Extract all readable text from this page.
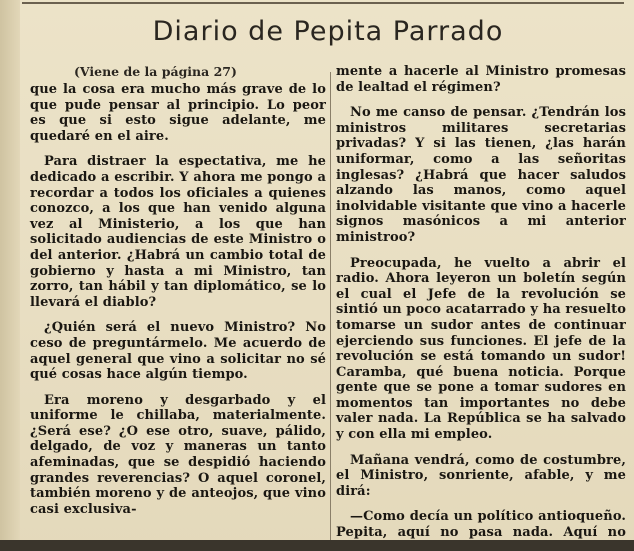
Diario de Pepita Parrado
(Viene de la página 27)

que la cosa era mucho más grave de lo que pude pensar al principio. Lo peor es que si esto sigue adelante, me quedaré en el aire.

Para distraer la espectativa, me he dedicado a escribir. Y ahora me pongo a recordar a todos los oficiales a quienes conozco, a los que han venido alguna vez al Ministerio, a los que han solicitado audiencias de este Ministro o del anterior. ¿Habrá un cambio total de gobierno y hasta a mi Ministro, tan zorro, tan hábil y tan diplomático, se lo llevará el diablo?

¿Quién será el nuevo Ministro? No ceso de preguntármelo. Me acuerdo de aquel general que vino a solicitar no sé qué cosas hace algún tiempo.

Era moreno y desgarbado y el uniforme le chillaba, materialmente. ¿Será ese? ¿O ese otro, suave, pálido, delgado, de voz y maneras un tanto afeminadas, que se despidió haciendo grandes reverencias? O aquel coronel, también moreno y de anteojos, que vino casi exclusiva-

mente a hacerle al Ministro promesas de lealtad el régimen?

No me canso de pensar. ¿Tendrán los ministros militares secretarias privadas? Y si las tienen, ¿las harán uniformar, como a las señoritas inglesas? ¿Habrá que hacer saludos alzando las manos, como aquel inolvidable visitante que vino a hacerle signos masónicos a mi anterior ministroo?

Preocupada, he vuelto a abrir el radio. Ahora leyeron un boletín según el cual el Jefe de la revolución se sintió un poco acatarrado y ha resuelto tomarse un sudor antes de continuar ejerciendo sus funciones. El jefe de la revolución se está tomando un sudor! Caramba, qué buena noticia. Porque gente que se pone a tomar sudores en momentos tan importantes no debe valer nada. La República se ha salvado y con ella mi empleo.

Mañana vendrá, como de costumbre, el Ministro, sonriente, afable, y me dirá:

—Como decía un político antioqueño. Pepita, aquí no pasa nada. Aquí no
